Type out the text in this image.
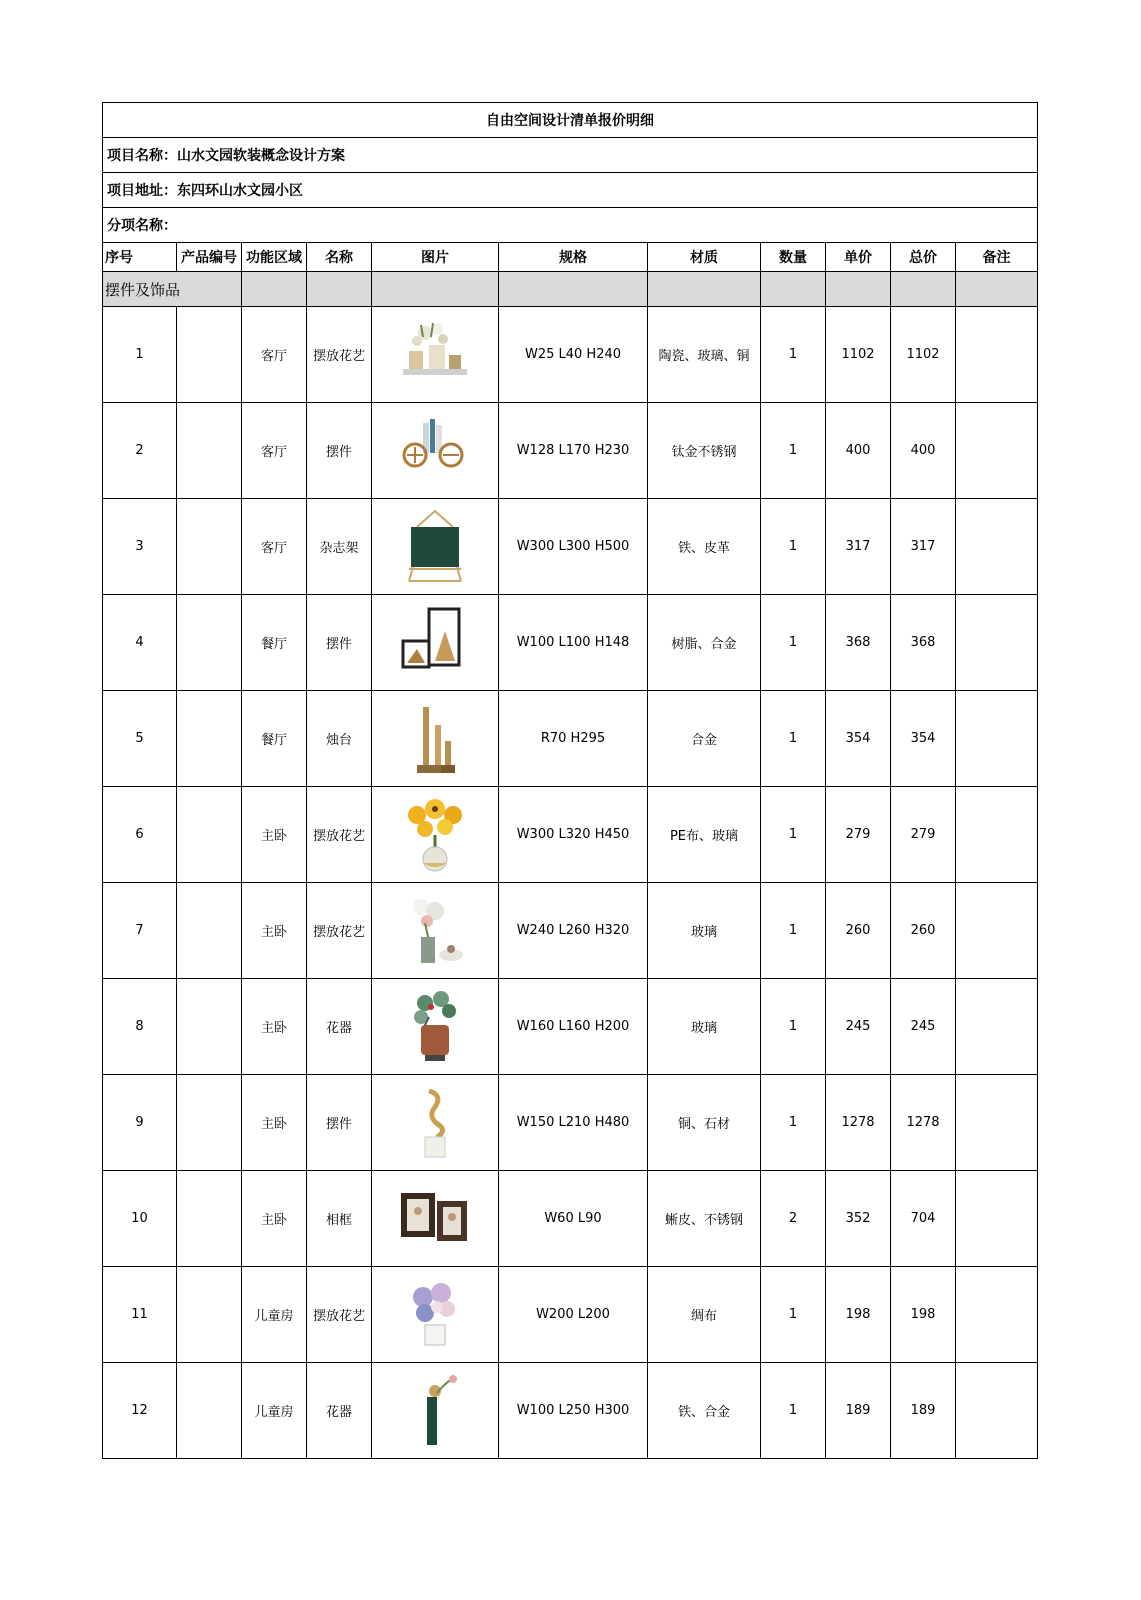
自由空间设计清单报价明细										
项目名称：山水文园软装概念设计方案										
项目地址：东四环山水文园小区										
分项名称：										
序号	产品编号	功能区域	名称	图片	规格	材质	数量	单价	总价	备注
摆件及饰品										
1		客厅	摆放花艺		W25 L40 H240	陶瓷、玻璃、铜	1	1102	1102	
2		客厅	摆件		W128 L170 H230	钛金不锈钢	1	400	400	
3		客厅	杂志架		W300 L300 H500	铁、皮革	1	317	317	
4		餐厅	摆件		W100 L100 H148	树脂、合金	1	368	368	
5		餐厅	烛台		R70 H295	合金	1	354	354	
6		主卧	摆放花艺		W300 L320 H450	PE布、玻璃	1	279	279	
7		主卧	摆放花艺		W240 L260 H320	玻璃	1	260	260	
8		主卧	花器		W160 L160 H200	玻璃	1	245	245	
9		主卧	摆件		W150 L210 H480	铜、石材	1	1278	1278	
10		主卧	相框		W60 L90	蜥皮、不锈钢	2	352	704	
11		儿童房	摆放花艺		W200 L200	绸布	1	198	198	
12		儿童房	花器		W100 L250 H300	铁、合金	1	189	189	
